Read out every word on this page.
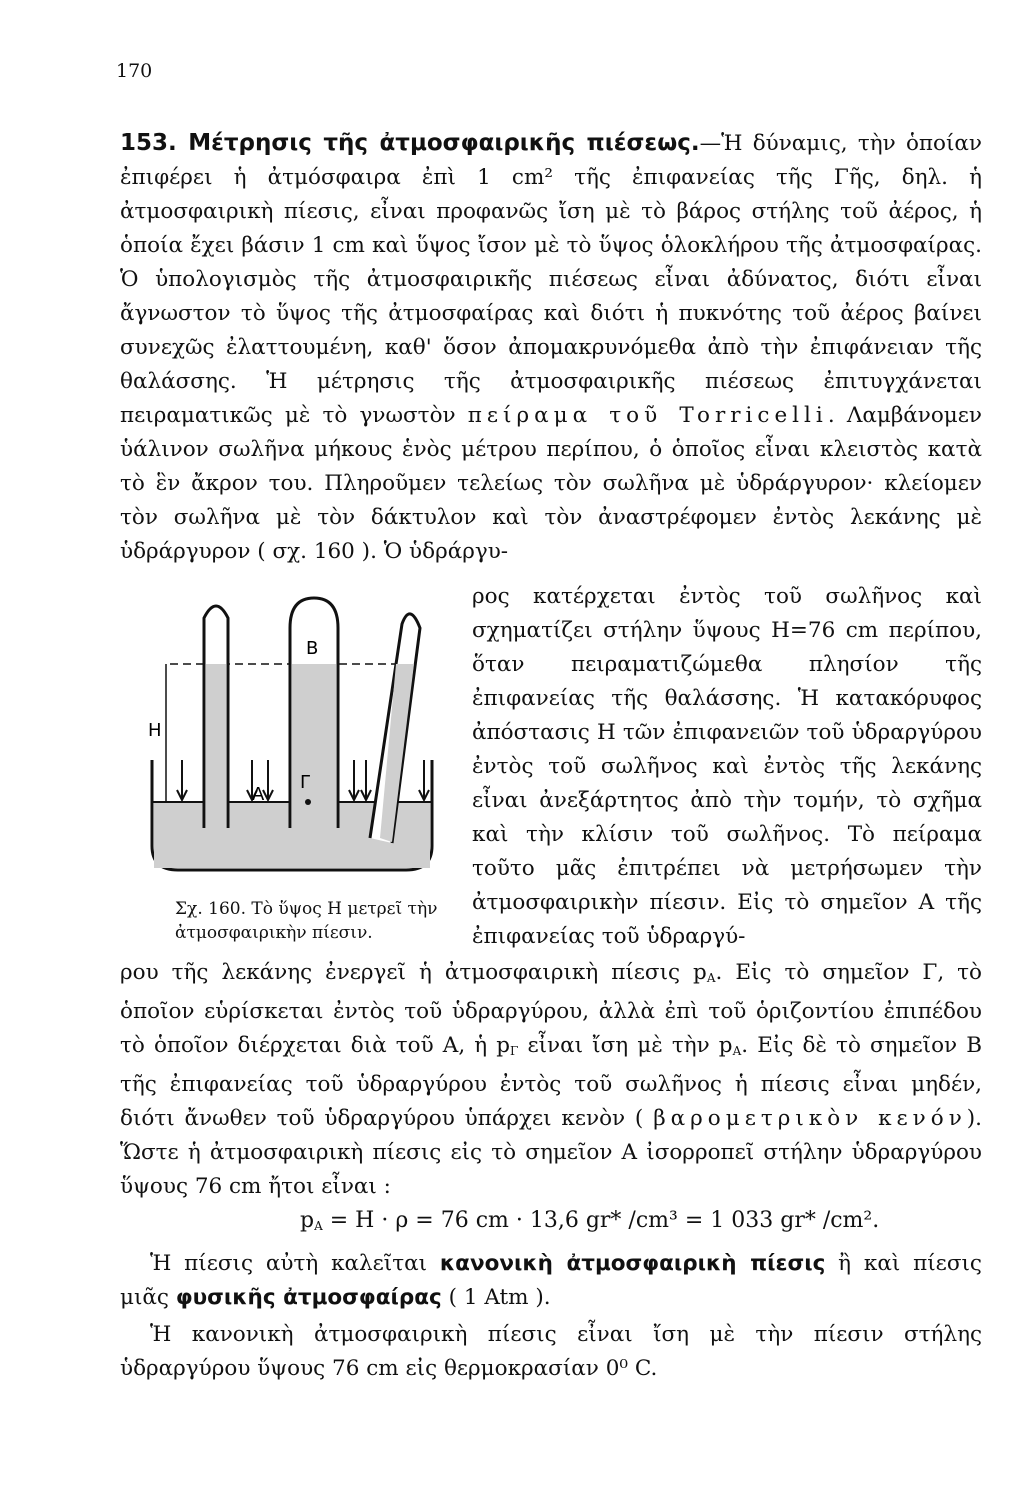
170
153. Μέτρησις τῆς ἀτμοσφαιρικῆς πιέσεως.—Ἡ δύναμις, τὴν ὁποίαν ἐπιφέρει ἡ ἀτμόσφαιρα ἐπὶ 1 cm² τῆς ἐπιφανείας τῆς Γῆς, δηλ. ἡ ἀτμοσφαιρικὴ πίεσις, εἶναι προφανῶς ἴση μὲ τὸ βάρος στήλης τοῦ ἀέρος, ἡ ὁποία ἔχει βάσιν 1 cm καὶ ὕψος ἴσον μὲ τὸ ὕψος ὁλοκλήρου τῆς ἀτμοσφαίρας. Ὁ ὑπολογισμὸς τῆς ἀτμοσφαιρικῆς πιέσεως εἶναι ἀδύνατος, διότι εἶναι ἄγνωστον τὸ ὕψος τῆς ἀτμοσφαίρας καὶ διότι ἡ πυκνότης τοῦ ἀέρος βαίνει συνεχῶς ἐλαττουμένη, καθ' ὅσον ἀπομακρυνόμεθα ἀπὸ τὴν ἐπιφάνειαν τῆς θαλάσσης. Ἡ μέτρησις τῆς ἀτμοσφαιρικῆς πιέσεως ἐπιτυγχάνεται πειραματικῶς μὲ τὸ γνωστὸν πείραμα τοῦ Torricelli. Λαμβάνομεν ὑάλινον σωλῆνα μήκους ἑνὸς μέτρου περίπου, ὁ ὁποῖος εἶναι κλειστὸς κατὰ τὸ ἓν ἄκρον του. Πληροῦμεν τελείως τὸν σωλῆνα μὲ ὑδράργυρον· κλείομεν τὸν σωλῆνα μὲ τὸν δάκτυλον καὶ τὸν ἀναστρέφομεν ἐντὸς λεκάνης μὲ ὑδράργυρον ( σχ. 160 ). Ὁ ὑδράργυ-
ρος κατέρχεται ἐντὸς τοῦ σωλῆνος καὶ σχηματίζει στήλην ὕψους H=76 cm περίπου, ὅταν πειραματιζώμεθα πλησίον τῆς ἐπιφανείας τῆς θαλάσσης. Ἡ κατακόρυφος ἀπόστασις H τῶν ἐπιφανειῶν τοῦ ὑδραργύρου ἐντὸς τοῦ σωλῆνος καὶ ἐντὸς τῆς λεκάνης εἶναι ἀνεξάρτητος ἀπὸ τὴν τομήν, τὸ σχῆμα καὶ τὴν κλίσιν τοῦ σωλῆνος. Τὸ πείραμα τοῦτο μᾶς ἐπιτρέπει νὰ μετρήσωμεν τὴν ἀτμοσφαιρικὴν πίεσιν. Εἰς τὸ σημεῖον Α τῆς ἐπιφανείας τοῦ ὑδραργύ-
B
H
A
Γ
Σχ. 160. Τὸ ὕψος H μετρεῖ τὴν ἀτμοσφαιρικὴν πίεσιν.
ρου τῆς λεκάνης ἐνεργεῖ ἡ ἀτμοσφαιρικὴ πίεσις $p_A$. Εἰς τὸ σημεῖον Γ, τὸ ὁποῖον εὑρίσκεται ἐντὸς τοῦ ὑδραργύρου, ἀλλὰ ἐπὶ τοῦ ὁριζοντίου ἐπιπέδου τὸ ὁποῖον διέρχεται διὰ τοῦ Α, ἡ $p_\Gamma$ εἶναι ἴση μὲ τὴν $p_A$. Εἰς δὲ τὸ σημεῖον Β τῆς ἐπιφανείας τοῦ ὑδραργύρου ἐντὸς τοῦ σωλῆνος ἡ πίεσις εἶναι μηδέν, διότι ἄνωθεν τοῦ ὑδραργύρου ὑπάρχει κενὸν ( βαρομετρικὸν κενόν). Ὥστε ἡ ἀτμοσφαιρικὴ πίεσις εἰς τὸ σημεῖον Α ἰσορροπεῖ στήλην ὑδραργύρου ὕψους 76 cm ἤτοι εἶναι :
$p_A = H \cdot \rho = 76$ cm · 13,6 gr* /cm³ = 1 033 gr* /cm².
Ἡ πίεσις αὐτὴ καλεῖται κανονικὴ ἀτμοσφαιρικὴ πίεσις ἢ καὶ πίεσις μιᾶς φυσικῆς ἀτμοσφαίρας ( 1 Atm ).
Ἡ κανονικὴ ἀτμοσφαιρικὴ πίεσις εἶναι ἴση μὲ τὴν πίεσιν στήλης ὑδραργύρου ὕψους 76 cm εἰς θερμοκρασίαν 0⁰ C.
